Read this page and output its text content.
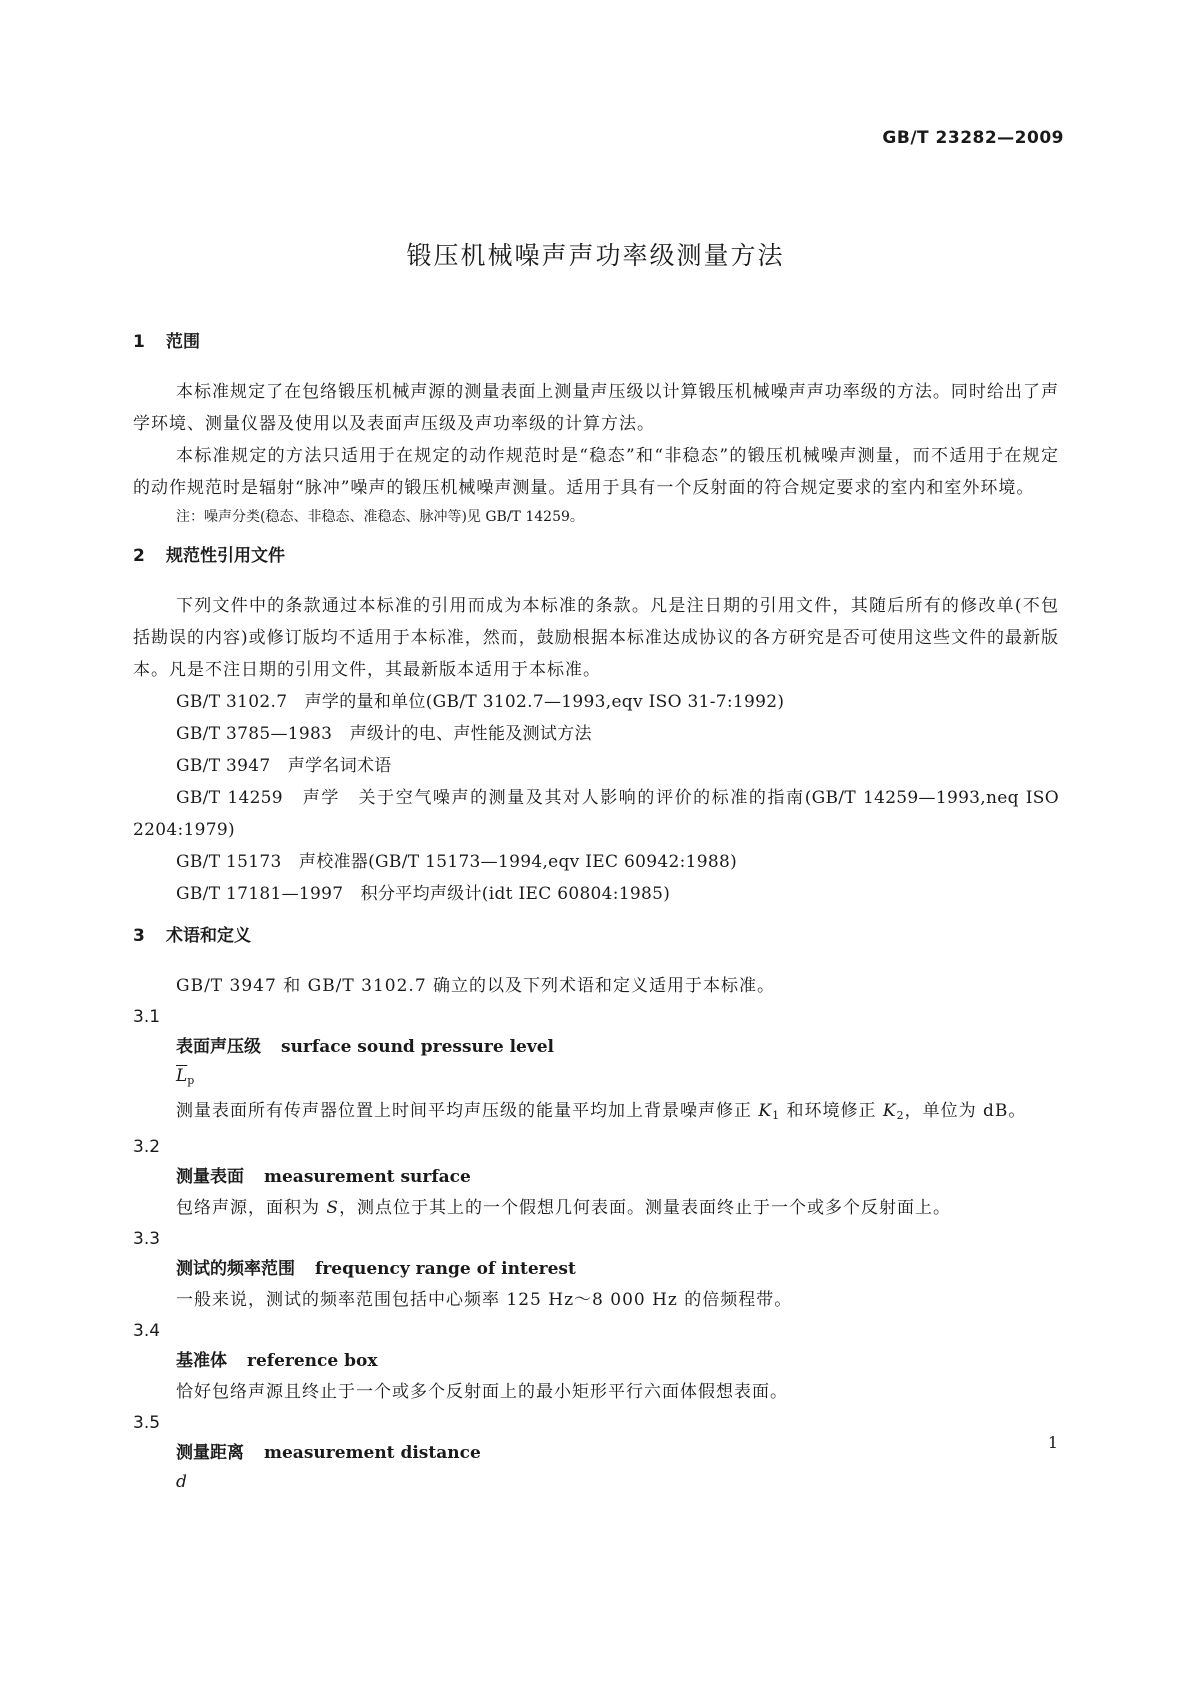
GB/T 23282—2009
锻压机械噪声声功率级测量方法
1 范围

本标准规定了在包络锻压机械声源的测量表面上测量声压级以计算锻压机械噪声声功率级的方法。同时给出了声学环境、测量仪器及使用以及表面声压级及声功率级的计算方法。

本标准规定的方法只适用于在规定的动作规范时是“稳态”和“非稳态”的锻压机械噪声测量，而不适用于在规定的动作规范时是辐射“脉冲”噪声的锻压机械噪声测量。适用于具有一个反射面的符合规定要求的室内和室外环境。

注：噪声分类(稳态、非稳态、准稳态、脉冲等)见 GB/T 14259。

2 规范性引用文件

下列文件中的条款通过本标准的引用而成为本标准的条款。凡是注日期的引用文件，其随后所有的修改单(不包括勘误的内容)或修订版均不适用于本标准，然而，鼓励根据本标准达成协议的各方研究是否可使用这些文件的最新版本。凡是不注日期的引用文件，其最新版本适用于本标准。

GB/T 3102.7　声学的量和单位(GB/T 3102.7—1993,eqv ISO 31-7:1992)

GB/T 3785—1983　声级计的电、声性能及测试方法

GB/T 3947　声学名词术语

GB/T 14259　声学　关于空气噪声的测量及其对人影响的评价的标准的指南(GB/T 14259—1993,neq ISO 2204:1979)

GB/T 15173　声校准器(GB/T 15173—1994,eqv IEC 60942:1988)

GB/T 17181—1997　积分平均声级计(idt IEC 60804:1985)

3 术语和定义

GB/T 3947 和 GB/T 3102.7 确立的以及下列术语和定义适用于本标准。

3.1

表面声压级 surface sound pressure level

$\overline{L}_p$

测量表面所有传声器位置上时间平均声压级的能量平均加上背景噪声修正 $K_1$ 和环境修正 $K_2$，单位为 dB。

3.2

测量表面 measurement surface

包络声源，面积为 S，测点位于其上的一个假想几何表面。测量表面终止于一个或多个反射面上。

3.3

测试的频率范围 frequency range of interest

一般来说，测试的频率范围包括中心频率 125 Hz～8 000 Hz 的倍频程带。

3.4

基准体 reference box

恰好包络声源且终止于一个或多个反射面上的最小矩形平行六面体假想表面。

3.5

测量距离 measurement distance

d

1
